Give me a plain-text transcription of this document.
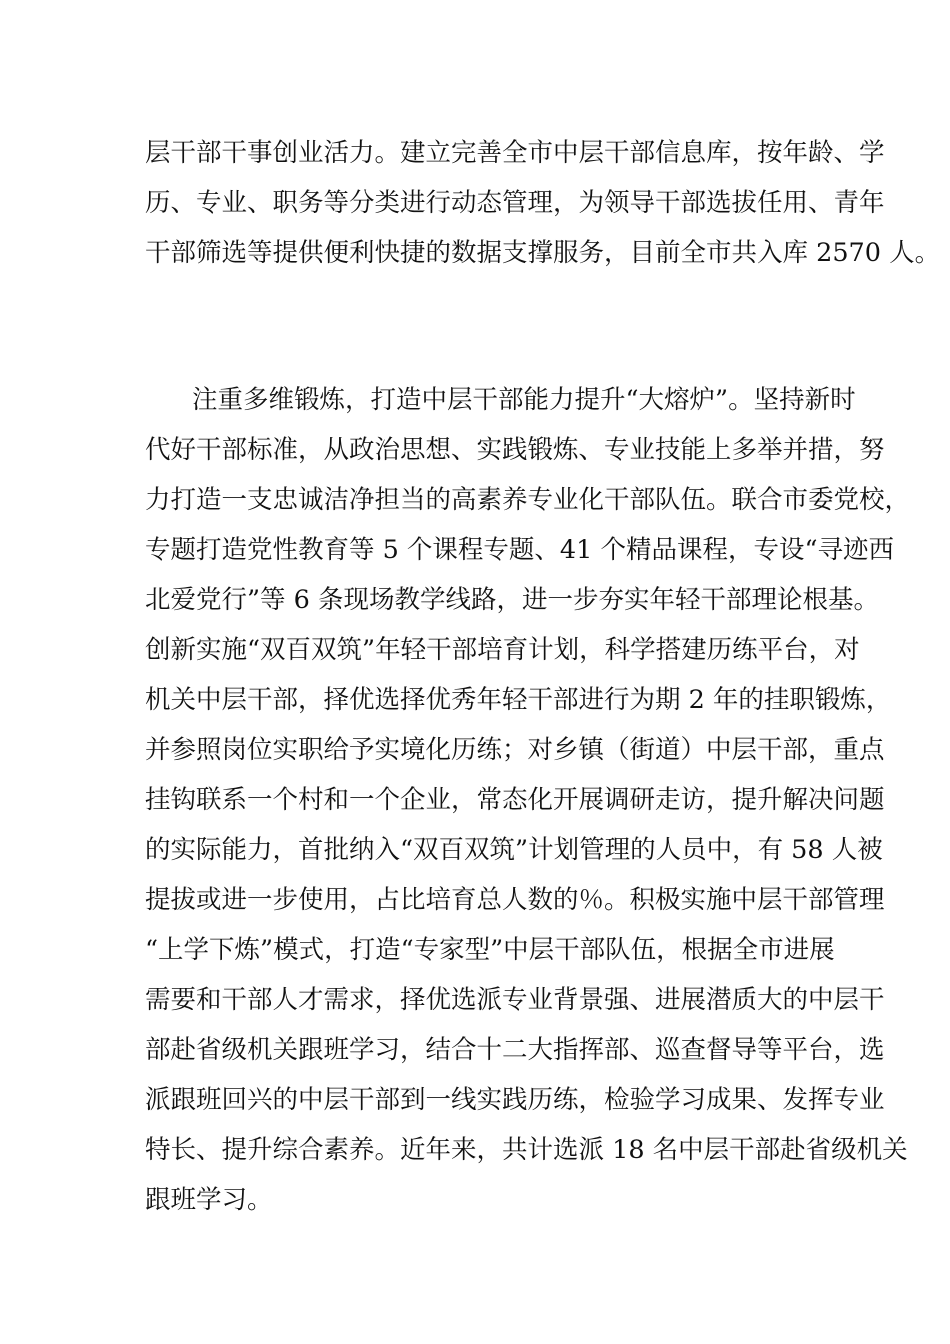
层干部干事创业活力。建立完善全市中层干部信息库，按年龄、学

历、专业、职务等分类进行动态管理，为领导干部选拔任用、青年

干部筛选等提供便利快捷的数据支撑服务，目前全市共入库 2570 人。

注重多维锻炼，打造中层干部能力提升“大熔炉”。坚持新时

代好干部标准，从政治思想、实践锻炼、专业技能上多举并措，努

力打造一支忠诚洁净担当的高素养专业化干部队伍。联合市委党校，

专题打造党性教育等 5 个课程专题、41 个精品课程，专设“寻迹西

北爱党行”等 6 条现场教学线路，进一步夯实年轻干部理论根基。

创新实施“双百双筑”年轻干部培育计划，科学搭建历练平台，对

机关中层干部，择优选择优秀年轻干部进行为期 2 年的挂职锻炼，

并参照岗位实职给予实境化历练；对乡镇（街道）中层干部，重点

挂钩联系一个村和一个企业，常态化开展调研走访，提升解决问题

的实际能力，首批纳入“双百双筑”计划管理的人员中，有 58 人被

提拔或进一步使用，占比培育总人数的％。积极实施中层干部管理

“上学下炼”模式，打造“专家型”中层干部队伍，根据全市进展

需要和干部人才需求，择优选派专业背景强、进展潜质大的中层干

部赴省级机关跟班学习，结合十二大指挥部、巡查督导等平台，选

派跟班回兴的中层干部到一线实践历练，检验学习成果、发挥专业

特长、提升综合素养。近年来，共计选派 18 名中层干部赴省级机关

跟班学习。
